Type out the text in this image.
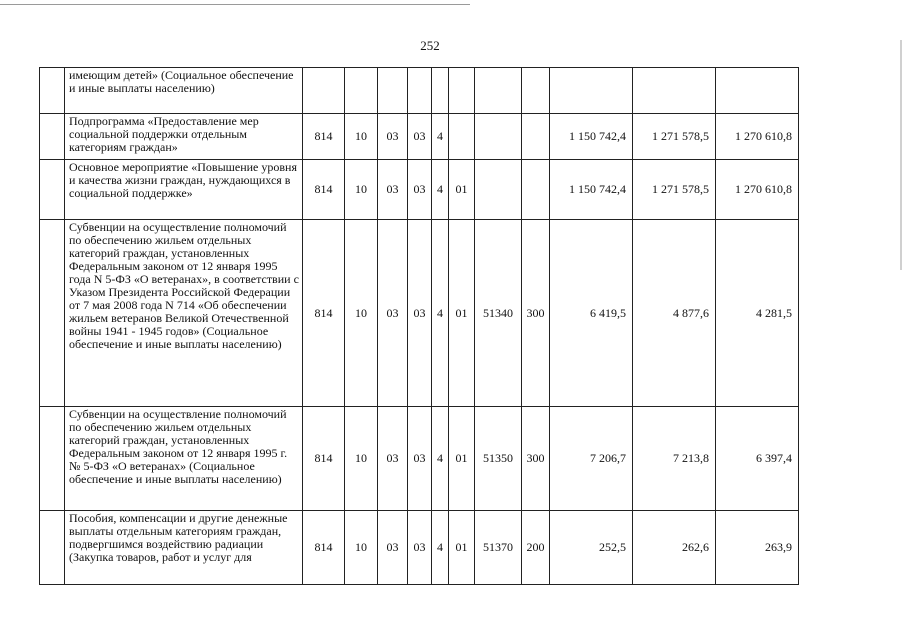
252
	имеющим детей» (Социальное обеспечение и иные выплаты населению)											
	Подпрограмма «Предоставление мер социальной поддержки отдельным категориям граждан»	814	10	03	03	4				1 150 742,4	1 271 578,5	1 270 610,8
	Основное мероприятие «Повышение уровня и качества жизни граждан, нуждающихся в социальной поддержке»	814	10	03	03	4	01			1 150 742,4	1 271 578,5	1 270 610,8
	Субвенции на осуществление полномочий по обеспечению жильем отдельных категорий граждан, установленных Федеральным законом от 12 января 1995 года N 5-ФЗ «О ветеранах», в соответствии с Указом Президента Российской Федерации от 7 мая 2008 года N 714 «Об обеспечении жильем ветеранов Великой Отечественной войны 1941 - 1945 годов» (Социальное обеспечение и иные выплаты населению)	814	10	03	03	4	01	51340	300	6 419,5	4 877,6	4 281,5
	Субвенции на осуществление полномочий по обеспечению жильем отдельных категорий граждан, установленных Федеральным законом от 12 января 1995 г. № 5-ФЗ «О ветеранах» (Социальное обеспечение и иные выплаты населению)	814	10	03	03	4	01	51350	300	7 206,7	7 213,8	6 397,4
	Пособия, компенсации и другие денежные выплаты отдельным категориям граждан, подвергшимся воздействию радиации (Закупка товаров, работ и услуг для	814	10	03	03	4	01	51370	200	252,5	262,6	263,9
